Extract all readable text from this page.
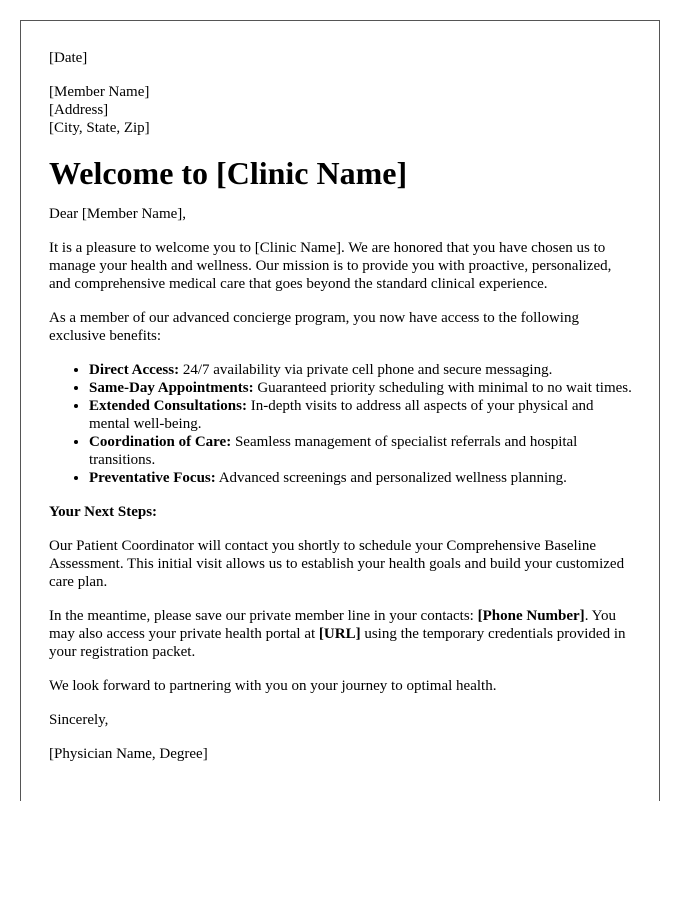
[Date]

[Member Name]
[Address]
[City, State, Zip]
Welcome to [Clinic Name]

Dear [Member Name],

It is a pleasure to welcome you to [Clinic Name]. We are honored that you have chosen us to manage your health and wellness. Our mission is to provide you with proactive, personalized, and comprehensive medical care that goes beyond the standard clinical experience.

As a member of our advanced concierge program, you now have access to the following exclusive benefits:

• Direct Access: 24/7 availability via private cell phone and secure messaging.
• Same-Day Appointments: Guaranteed priority scheduling with minimal to no wait times.
• Extended Consultations: In-depth visits to address all aspects of your physical and mental well-being.
• Coordination of Care: Seamless management of specialist referrals and hospital transitions.
• Preventative Focus: Advanced screenings and personalized wellness planning.

Your Next Steps:

Our Patient Coordinator will contact you shortly to schedule your Comprehensive Baseline Assessment. This initial visit allows us to establish your health goals and build your customized care plan.

In the meantime, please save our private member line in your contacts: [Phone Number]. You may also access your private health portal at [URL] using the temporary credentials provided in your registration packet.

We look forward to partnering with you on your journey to optimal health.

Sincerely,

[Physician Name, Degree]
